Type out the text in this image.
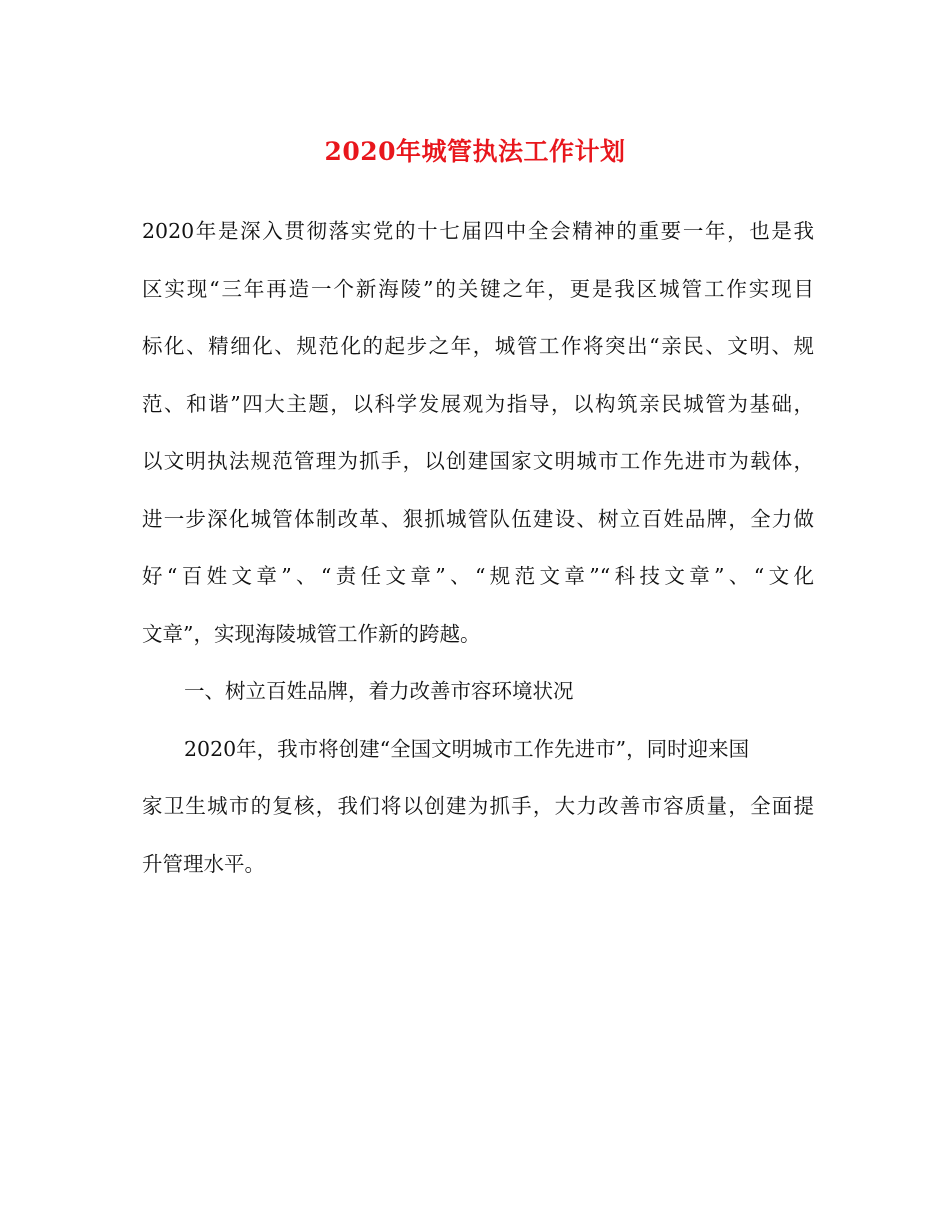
2020年城管执法工作计划
2020年是深入贯彻落实党的十七届四中全会精神的重要一年，也是我
区实现“三年再造一个新海陵”的关键之年，更是我区城管工作实现目
标化、精细化、规范化的起步之年，城管工作将突出“亲民、文明、规
范、和谐”四大主题，以科学发展观为指导，以构筑亲民城管为基础，
以文明执法规范管理为抓手，以创建国家文明城市工作先进市为载体，
进一步深化城管体制改革、狠抓城管队伍建设、树立百姓品牌，全力做
好“百姓文章”、“责任文章”、“规范文章”“科技文章”、“文化
文章”，实现海陵城管工作新的跨越。
一、树立百姓品牌，着力改善市容环境状况
2020年，我市将创建“全国文明城市工作先进市”，同时迎来国
家卫生城市的复核，我们将以创建为抓手，大力改善市容质量，全面提
升管理水平。
